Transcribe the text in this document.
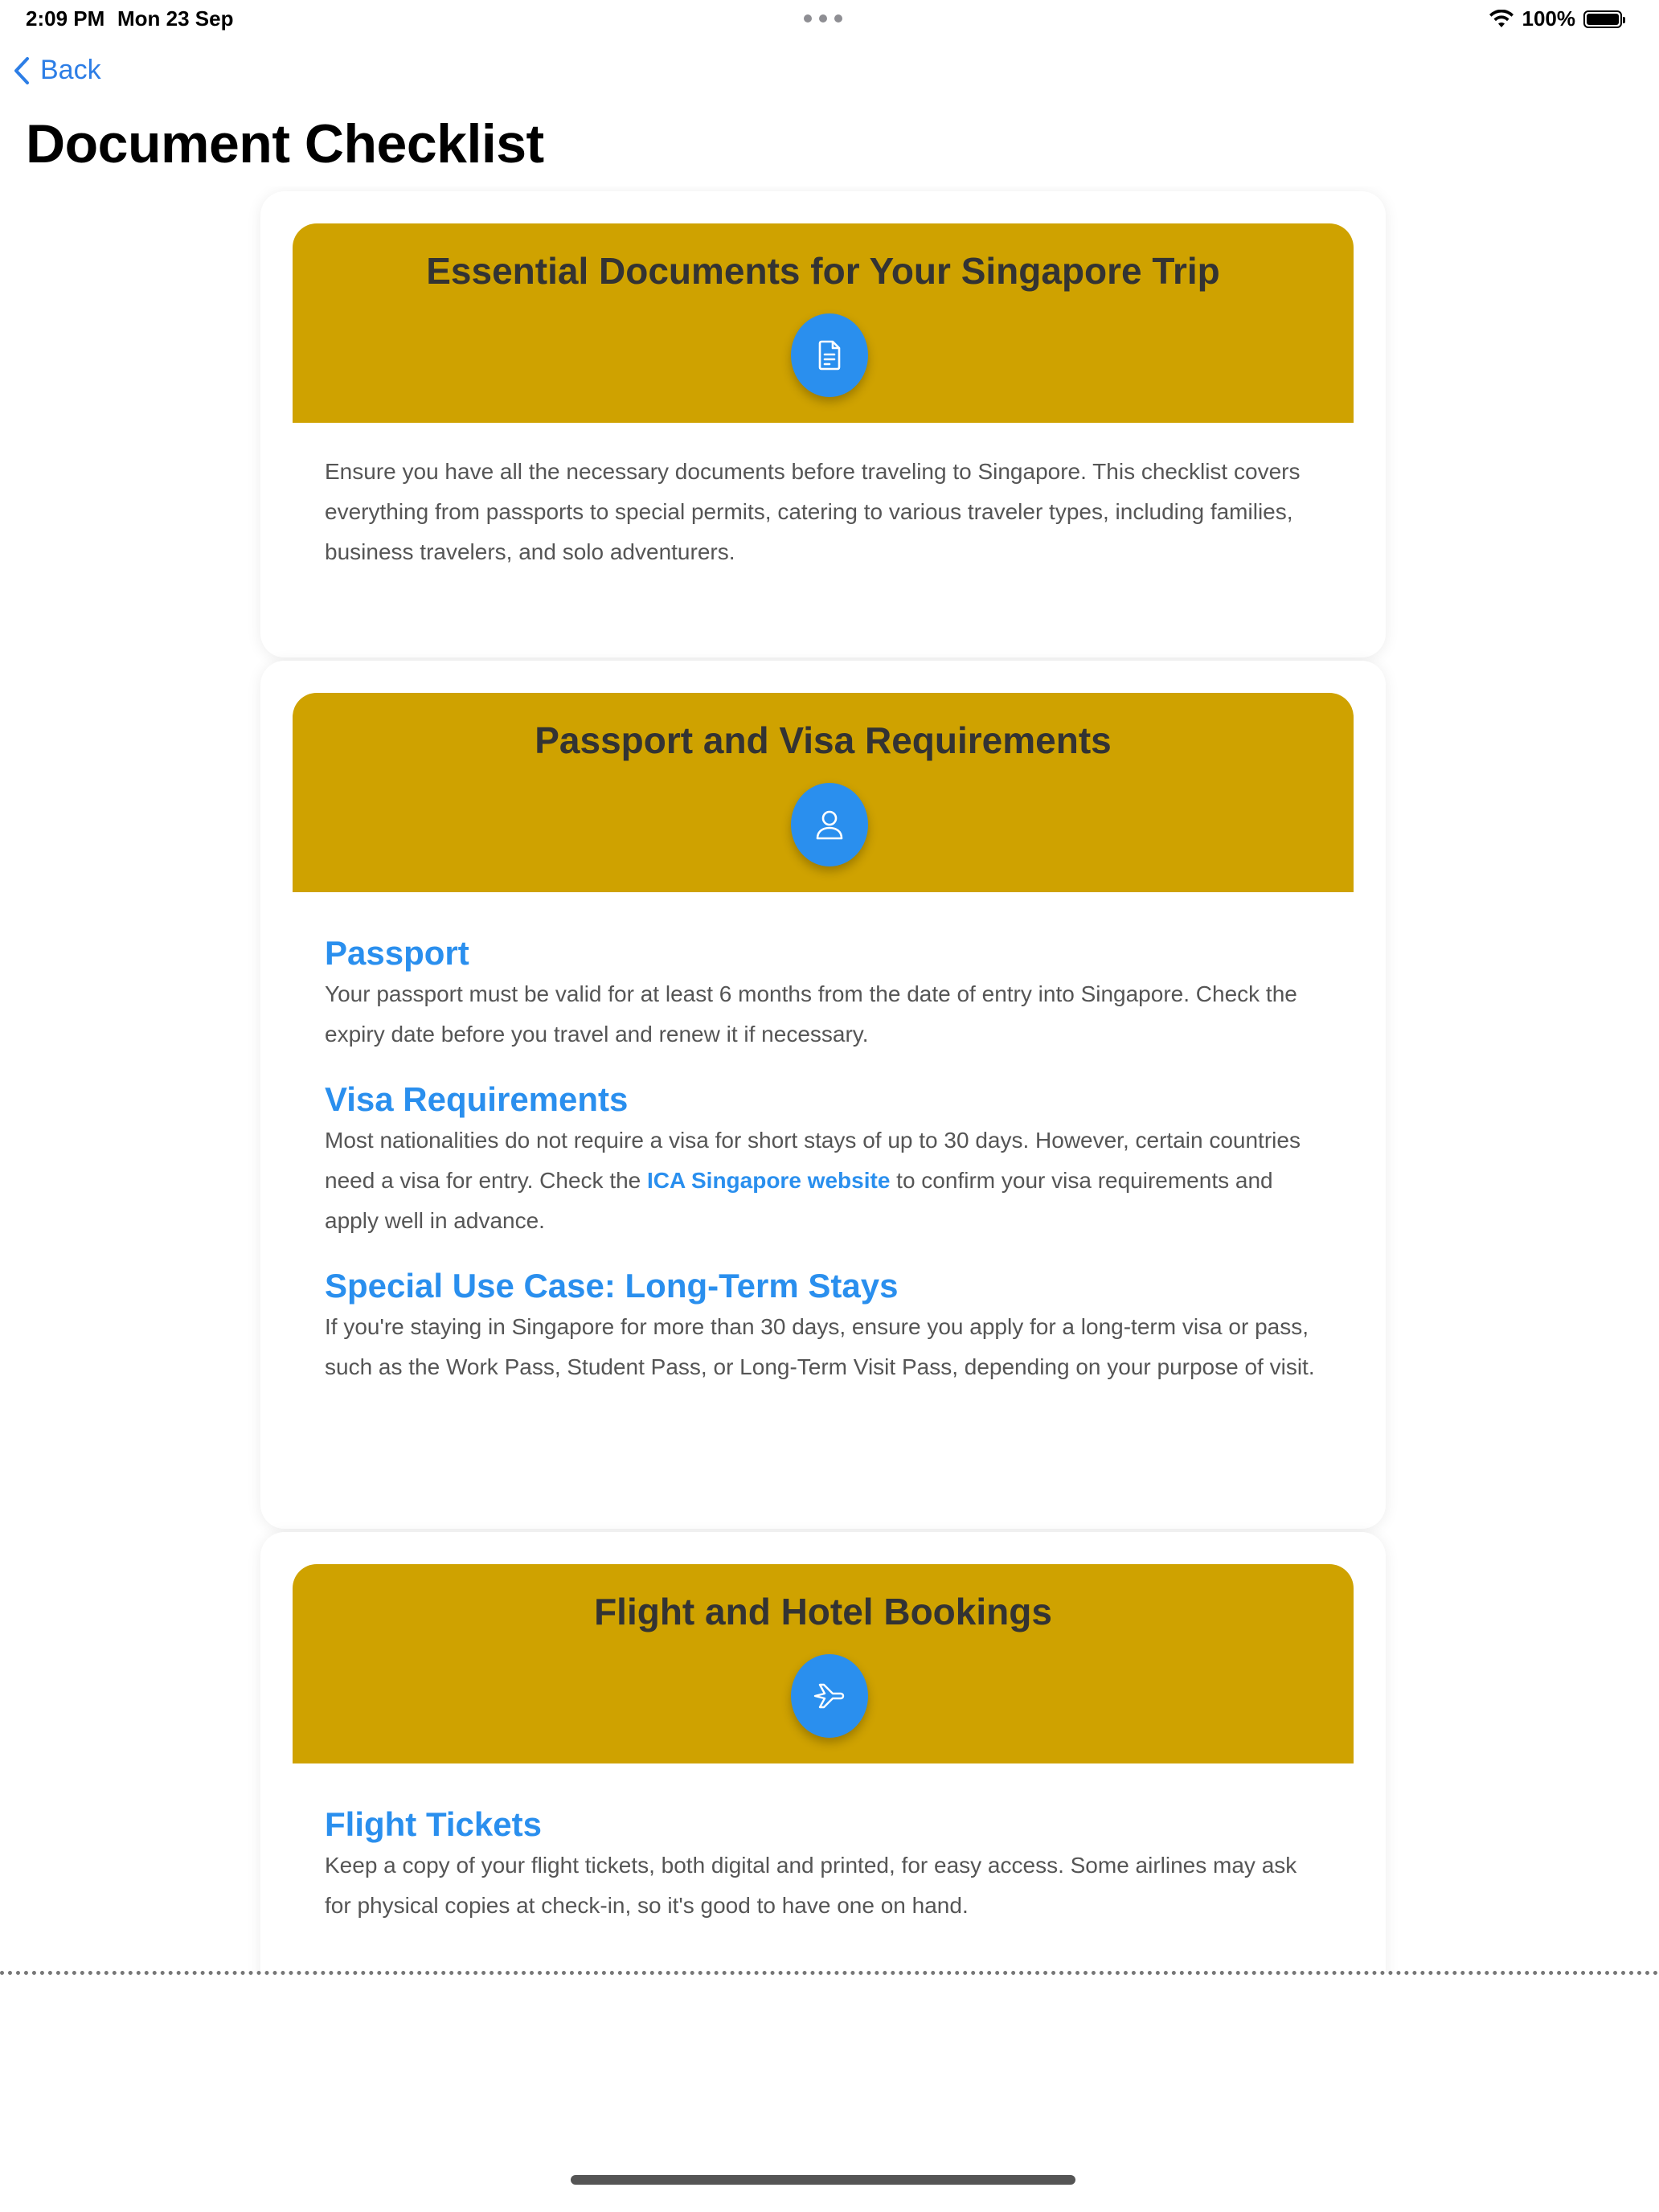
2:09 PM Mon 23 Sep	100%
Back
Document Checklist
Essential Documents for Your Singapore Trip

Ensure you have all the necessary documents before traveling to Singapore. This checklist covers everything from passports to special permits, catering to various traveler types, including families, business travelers, and solo adventurers.

Passport and Visa Requirements
Passport

Your passport must be valid for at least 6 months from the date of entry into Singapore. Check the expiry date before you travel and renew it if necessary.

Visa Requirements

Most nationalities do not require a visa for short stays of up to 30 days. However, certain countries need a visa for entry. Check the ICA Singapore website to confirm your visa requirements and apply well in advance.

Special Use Case: Long-Term Stays

If you're staying in Singapore for more than 30 days, ensure you apply for a long-term visa or pass, such as the Work Pass, Student Pass, or Long-Term Visit Pass, depending on your purpose of visit.

Flight and Hotel Bookings
Flight Tickets

Keep a copy of your flight tickets, both digital and printed, for easy access. Some airlines may ask for physical copies at check-in, so it's good to have one on hand.
